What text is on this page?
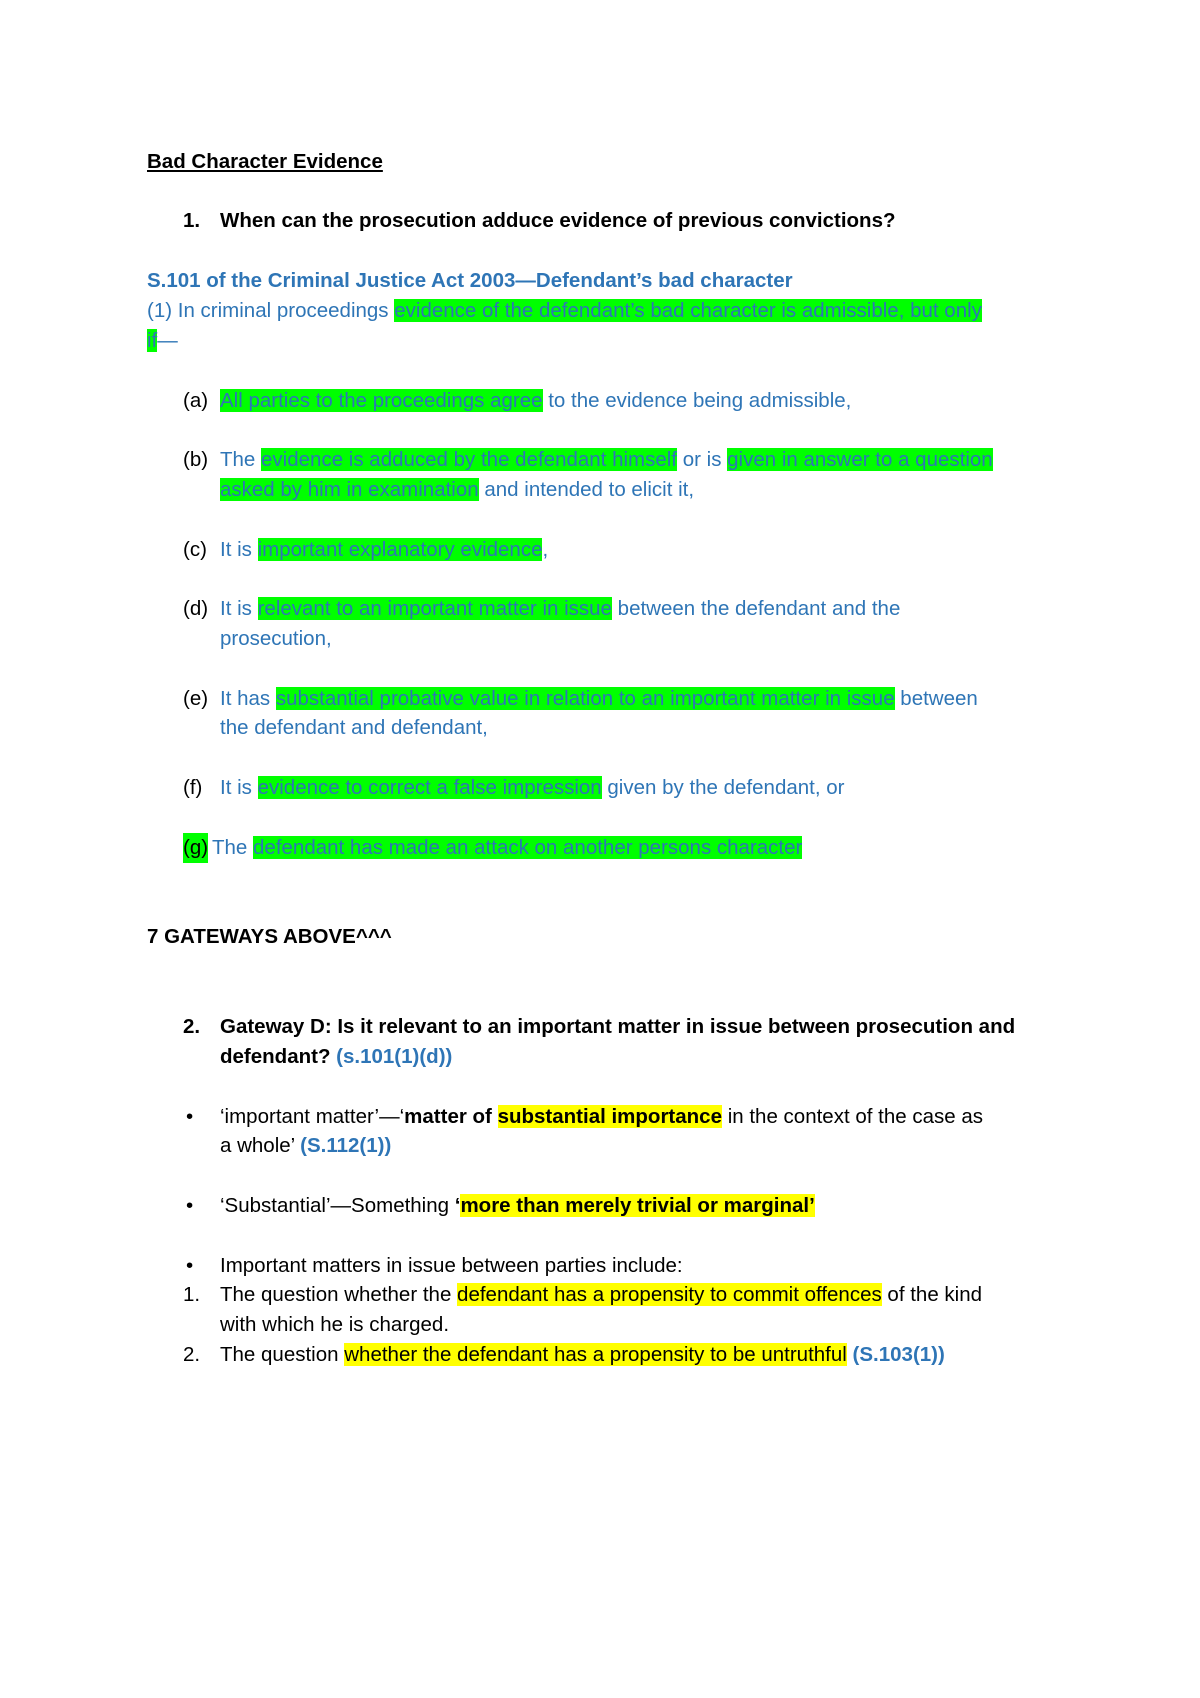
Bad Character Evidence
1. When can the prosecution adduce evidence of previous convictions?
S.101 of the Criminal Justice Act 2003—Defendant’s bad character
(1) In criminal proceedings evidence of the defendant’s bad character is admissible, but only
if—
(a) All parties to the proceedings agree to the evidence being admissible,
(b) The evidence is adduced by the defendant himself or is given in answer to a question
asked by him in examination and intended to elicit it,
(c) It is important explanatory evidence,
(d) It is relevant to an important matter in issue between the defendant and the
prosecution,
(e) It has substantial probative value in relation to an important matter in issue between
the defendant and defendant,
(f) It is evidence to correct a false impression given by the defendant, or
(g) The defendant has made an attack on another persons character
7 GATEWAYS ABOVE^^^
2. Gateway D: Is it relevant to an important matter in issue between prosecution and
defendant? (s.101(1)(d))
• ‘important matter’—‘matter of substantial importance in the context of the case as
a whole’ (S.112(1))
• ‘Substantial’—Something ‘more than merely trivial or marginal’
• Important matters in issue between parties include:
1. The question whether the defendant has a propensity to commit offences of the kind
with which he is charged.
2. The question whether the defendant has a propensity to be untruthful (S.103(1))
